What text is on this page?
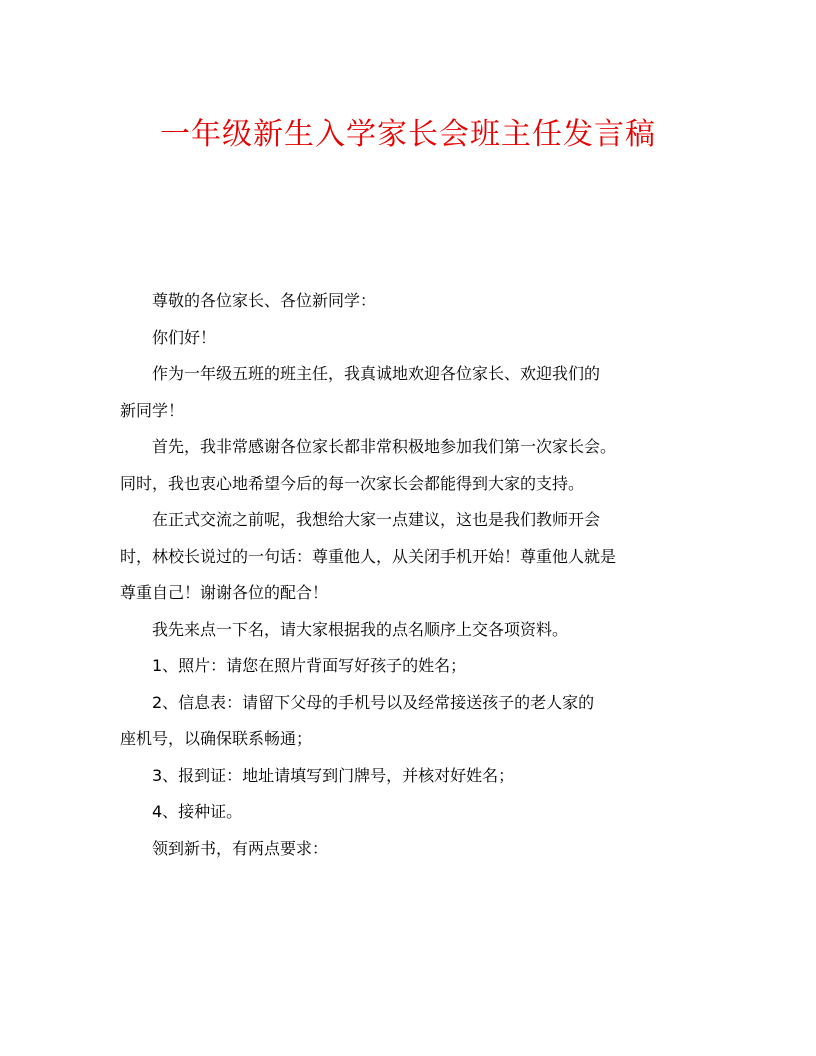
一年级新生入学家长会班主任发言稿

尊敬的各位家长、各位新同学：

你们好！

作为一年级五班的班主任，我真诚地欢迎各位家长、欢迎我们的

新同学！

首先，我非常感谢各位家长都非常积极地参加我们第一次家长会。

同时，我也衷心地希望今后的每一次家长会都能得到大家的支持。

在正式交流之前呢，我想给大家一点建议，这也是我们教师开会

时，林校长说过的一句话：尊重他人，从关闭手机开始！尊重他人就是

尊重自己！谢谢各位的配合！

我先来点一下名，请大家根据我的点名顺序上交各项资料。

1、照片：请您在照片背面写好孩子的姓名；

2、信息表：请留下父母的手机号以及经常接送孩子的老人家的

座机号，以确保联系畅通；

3、报到证：地址请填写到门牌号，并核对好姓名；

4、接种证。

领到新书，有两点要求：
